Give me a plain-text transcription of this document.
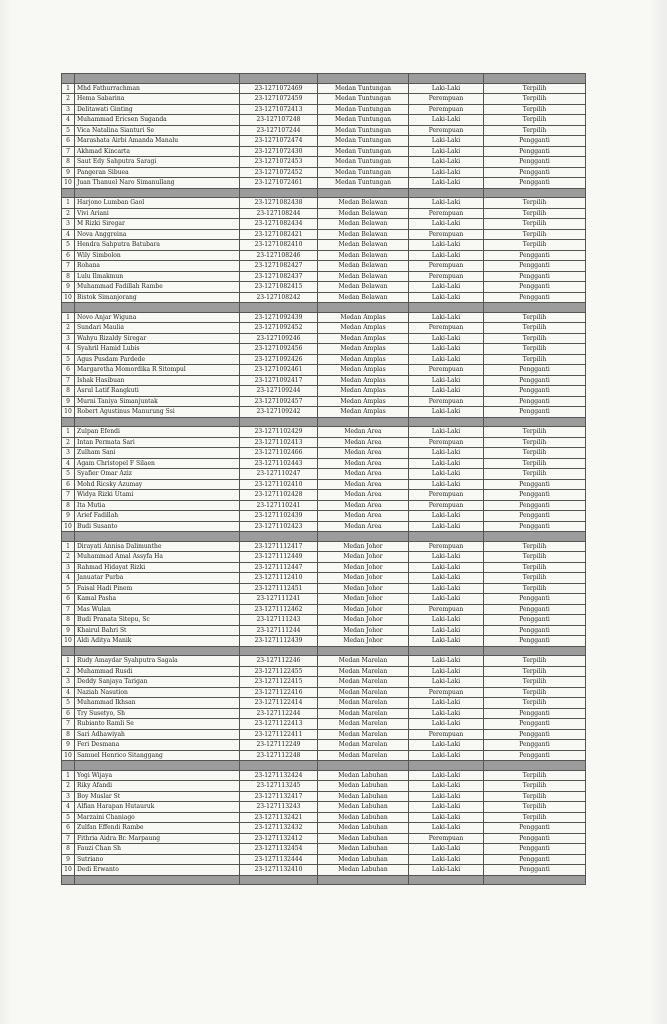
1	Mhd Fathurrachman	23-1271072469	Medan Tuntungan	Laki-Laki	Terpilih
2	Hema Sabarina	23-1271072459	Medan Tuntungan	Perempuan	Terpilih
3	Delitawati Ginting	23-1271072413	Medan Tuntungan	Perempuan	Terpilih
4	Muhammad Ericsen Suganda	23-127107248	Medan Tuntungan	Laki-Laki	Terpilih
5	Vica Natalina Sianturi Se	23-127107244	Medan Tuntungan	Perempuan	Terpilih
6	Marashata Airbi Amanda Manalu	23-1271072474	Medan Tuntungan	Laki-Laki	Pengganti
7	Akhmad Kincarta	23-1271072430	Medan Tuntungan	Laki-Laki	Pengganti
8	Saut Edy Sahputra Saragi	23-1271072453	Medan Tuntungan	Laki-Laki	Pengganti
9	Pangeran Sibuea	23-1271072452	Medan Tuntungan	Laki-Laki	Pengganti
10	Juan Thanuel Naro Simanullang	23-1271072461	Medan Tuntungan	Laki-Laki	Pengganti

1	Harjono Lumban Gaol	23-1271082438	Medan Belawan	Laki-Laki	Terpilih
2	Vivi Ariani	23-127108244	Medan Belawan	Perempuan	Terpilih
3	M Rizki Siregar	23-1271082434	Medan Belawan	Laki-Laki	Terpilih
4	Nova Anggreina	23-1271082421	Medan Belawan	Perempuan	Terpilih
5	Hendra Sahputra Batubara	23-1271082410	Medan Belawan	Laki-Laki	Terpilih
6	Wily Simbolon	23-127108246	Medan Belawan	Laki-Laki	Pengganti
7	Rohana	23-1271082427	Medan Belawan	Perempuan	Pengganti
8	Lulu Ilmakmun	23-1271082437	Medan Belawan	Perempuan	Pengganti
9	Muhammad Fadillah Rambe	23-1271082415	Medan Belawan	Laki-Laki	Pengganti
10	Bistok Simanjorang	23-127108242	Medan Belawan	Laki-Laki	Pengganti

1	Novo Anjar Wiguna	23-1271092439	Medan Amplas	Laki-Laki	Terpilih
2	Sundari Maulia	23-1271092452	Medan Amplas	Perempuan	Terpilih
3	Wahyu Rizaldy Siregar	23-127109246	Medan Amplas	Laki-Laki	Terpilih
4	Syahril Hamid Lubis	23-1271092456	Medan Amplas	Laki-Laki	Terpilih
5	Agus Pusdam Pardede	23-1271092426	Medan Amplas	Laki-Laki	Terpilih
6	Margaretha Momordika R Sitompul	23-1271092461	Medan Amplas	Perempuan	Pengganti
7	Ishak Hasibuan	23-1271092417	Medan Amplas	Laki-Laki	Pengganti
8	Asrul Latif Rangkuti	23-127109244	Medan Amplas	Laki-Laki	Pengganti
9	Murni Taniya Simanjuntak	23-1271092457	Medan Amplas	Perempuan	Pengganti
10	Robert Agustinus Manurung Ssi	23-127109242	Medan Amplas	Laki-Laki	Pengganti

1	Zulpan Efendi	23-1271102429	Medan Area	Laki-Laki	Terpilih
2	Intan Permata Sari	23-1271102413	Medan Area	Perempuan	Terpilih
3	Zulham Sani	23-1271102466	Medan Area	Laki-Laki	Terpilih
4	Agam Christopel F Silaen	23-1271102443	Medan Area	Laki-Laki	Terpilih
5	Syafier Omar Aziz	23-127110247	Medan Area	Laki-Laki	Terpilih
6	Mohd Ricsky Azumay	23-1271102410	Medan Area	Laki-Laki	Pengganti
7	Widya Rizki Utami	23-1271102428	Medan Area	Perempuan	Pengganti
8	Ita Mutia	23-127110241	Medan Area	Perempuan	Pengganti
9	Arief Fadillah	23-1271102439	Medan Area	Laki-Laki	Pengganti
10	Budi Susanto	23-1271102423	Medan Area	Laki-Laki	Pengganti

1	Dirayati Annisa Dalimunthe	23-1271112417	Medan Johor	Perempuan	Terpilih
2	Muhammad Amal Assyfa Ha	23-1271112449	Medan Johor	Laki-Laki	Terpilih
3	Rahmad Hidayat Rizki	23-1271112447	Medan Johor	Laki-Laki	Terpilih
4	Januatar Purba	23-1271112410	Medan Johor	Laki-Laki	Terpilih
5	Faisal Hadi Pinem	23-1271112451	Medan Johor	Laki-Laki	Terpilih
6	Kamal Pasha	23-127111241	Medan Johor	Laki-Laki	Pengganti
7	Mas Wulan	23-1271112462	Medan Johor	Perempuan	Pengganti
8	Budi Pranata Sitepu, Sc	23-127111243	Medan Johor	Laki-Laki	Pengganti
9	Khairul Bahri St	23-127111244	Medan Johor	Laki-Laki	Pengganti
10	Aldi Aditya Manik	23-1271112439	Medan Johor	Laki-Laki	Pengganti

1	Rudy Amaydar Syahputra Sagala	23-127112246	Medan Marelan	Laki-Laki	Terpilih
2	Muhammad Rusdi	23-1271122455	Medan Marelan	Laki-Laki	Terpilih
3	Deddy Sanjaya Tarigan	23-1271122415	Medan Marelan	Laki-Laki	Terpilih
4	Naziah Nasution	23-1271122416	Medan Marelan	Perempuan	Terpilih
5	Muhammad Ikhsan	23-1271122414	Medan Marelan	Laki-Laki	Terpilih
6	Try Susetyo, Sh	23-127112244	Medan Marelan	Laki-Laki	Pengganti
7	Rubianto Ramli Se	23-1271122413	Medan Marelan	Laki-Laki	Pengganti
8	Sari Adhawiyah	23-1271122411	Medan Marelan	Perempuan	Pengganti
9	Feri Desmana	23-127112249	Medan Marelan	Laki-Laki	Pengganti
10	Samuel Henrico Sitanggang	23-127112248	Medan Marelan	Laki-Laki	Pengganti

1	Yogi Wijaya	23-1271132424	Medan Labuhan	Laki-Laki	Terpilih
2	Riky Afandi	23-127113245	Medan Labuhan	Laki-Laki	Terpilih
3	Boy Muslar St	23-1271132417	Medan Labuhan	Laki-Laki	Terpilih
4	Alfian Harapan Hutauruk	23-127113243	Medan Labuhan	Laki-Laki	Terpilih
5	Marzaini Chaniago	23-1271132421	Medan Labuhan	Laki-Laki	Terpilih
6	Zulfan Effendi Rambe	23-1271132432	Medan Labuhan	Laki-Laki	Pengganti
7	Fithria Aidra Br. Marpaung	23-1271132412	Medan Labuhan	Perempuan	Pengganti
8	Fauzi Chan Sh	23-1271132454	Medan Labuhan	Laki-Laki	Pengganti
9	Sutriano	23-1271132444	Medan Labuhan	Laki-Laki	Pengganti
10	Dedi Erwanto	23-1271132410	Medan Labuhan	Laki-Laki	Pengganti
